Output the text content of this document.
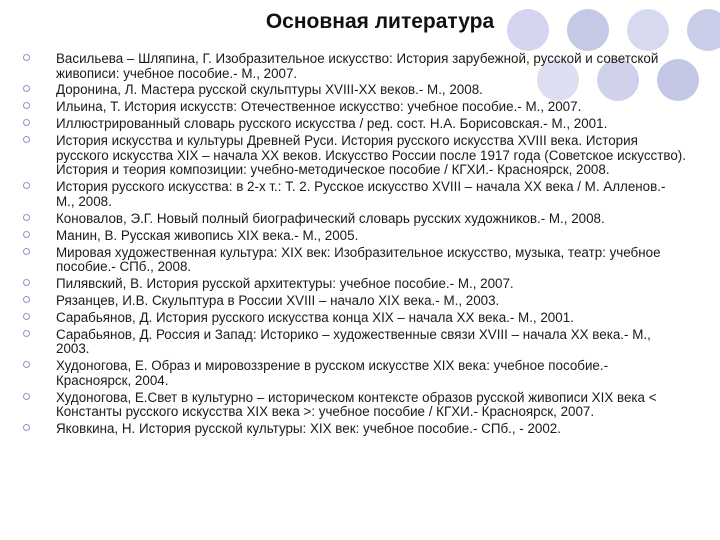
Основная литература
Васильева – Шляпина, Г. Изобразительное искусство: История зарубежной, русской и советской живописи: учебное пособие.- М., 2007.
Доронина, Л. Мастера русской скульптуры XVIII-XX веков.- М., 2008.
Ильина, Т. История искусств: Отечественное искусство: учебное пособие.- М., 2007.
Иллюстрированный словарь русского искусства / ред. сост. Н.А. Борисовская.- М., 2001.
История искусства и культуры Древней Руси. История русского искусства XVIII века. История русского искусства XIX – начала XX веков. Искусство России после 1917 года (Советское искусство). История и теория композиции: учебно-методическое пособие / КГХИ.- Красноярск, 2008.
История русского искусства: в 2-х т.: Т. 2. Русское искусство XVIII – начала XX века / М. Алленов.- М., 2008.
Коновалов, Э.Г. Новый полный биографический словарь русских художников.- М., 2008.
Манин, В. Русская живопись XIX века.- М., 2005.
Мировая художественная культура: XIX век: Изобразительное искусство, музыка, театр: учебное пособие.- СПб., 2008.
Пилявский, В. История русской архитектуры: учебное пособие.- М., 2007.
Рязанцев, И.В. Скульптура в России XVIII – начало XIX века.- М., 2003.
Сарабьянов, Д. История русского искусства конца XIX – начала XX века.- М., 2001.
Сарабьянов, Д. Россия и Запад: Историко – художественные связи XVIII – начала XX века.- М., 2003.
Худоногова, Е. Образ и мировоззрение в русском искусстве XIX века: учебное пособие.- Красноярск, 2004.
Худоногова, Е.Свет в культурно – историческом контексте образов русской живописи XIX века < Константы русского искусства XIX века >: учебное пособие / КГХИ.- Красноярск, 2007.
Яковкина, Н. История русской культуры: XIX век: учебное пособие.- СПб., - 2002.
